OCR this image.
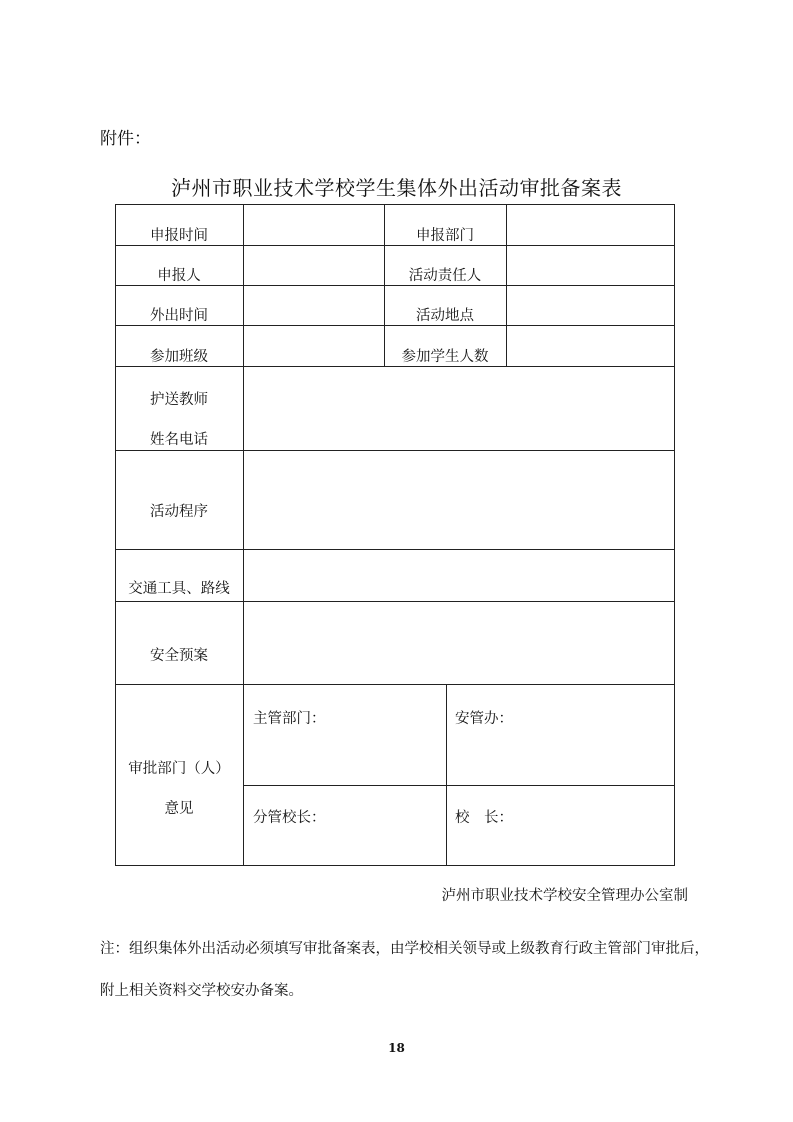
附件：
泸州市职业技术学校学生集体外出活动审批备案表
申报时间	申报部门
申报人	活动责任人
外出时间	活动地点
参加班级	参加学生人数
护送教师
姓名电话
活动程序
交通工具、路线
安全预案
审批部门（人）
意见
主管部门：	安管办：
分管校长：	校　长：
泸州市职业技术学校安全管理办公室制
注：组织集体外出活动必须填写审批备案表，由学校相关领导或上级教育行政主管部门审批后，附上相关资料交学校安办备案。
18
